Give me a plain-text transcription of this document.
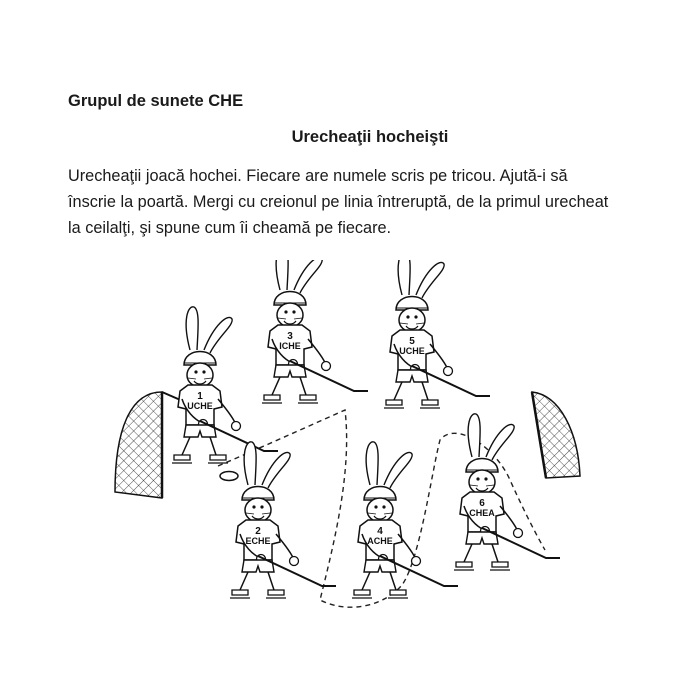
Grupul de sunete CHE
Urecheaţii hocheişti

Urecheaţii joacă hochei. Fiecare are numele scris pe tricou. Ajută-i să
înscrie la poartă. Mergi cu creionul pe linia întreruptă, de la primul urecheat
la ceilalţi, şi spune cum îi cheamă pe fiecare.

1
UCHE
3
ICHE	5
UCHE
2
ECHE
4
ACHE
6
CHEA
